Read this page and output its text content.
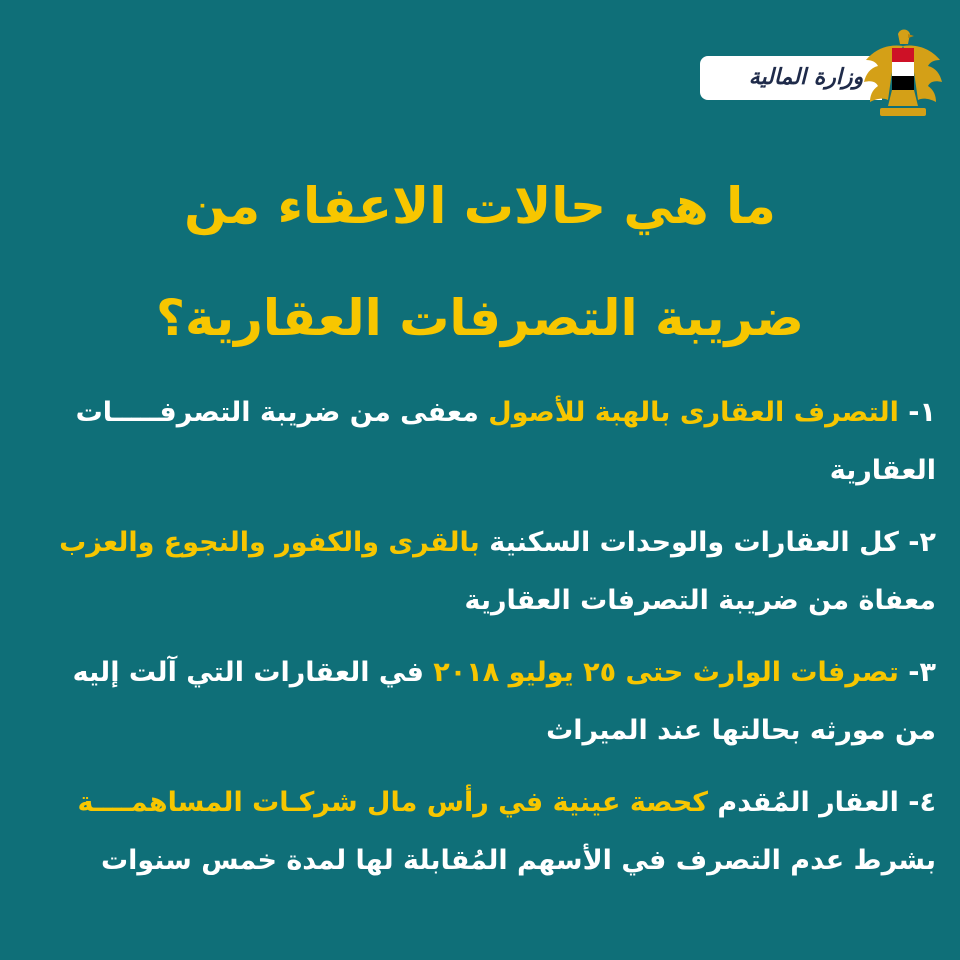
وزارة المالية
ما هي حالات الاعفاء من
ضريبة التصرفات العقارية؟

١- التصرف العقارى بالهبة للأصول معفى من ضريبة التصرفـــــات العقارية

٢- كل العقارات والوحدات السكنية بالقرى والكفور والنجوع والعزب معفاة من ضريبة التصرفات العقارية

٣- تصرفات الوارث حتى ٢٥ يوليو ٢٠١٨ في العقارات التي آلت إليه من مورثه بحالتها عند الميراث

٤- العقار المُقدم كحصة عينية في رأس مال شركـات المساهمــــة بشرط عدم التصرف في الأسهم المُقابلة لها لمدة خمس سنوات
